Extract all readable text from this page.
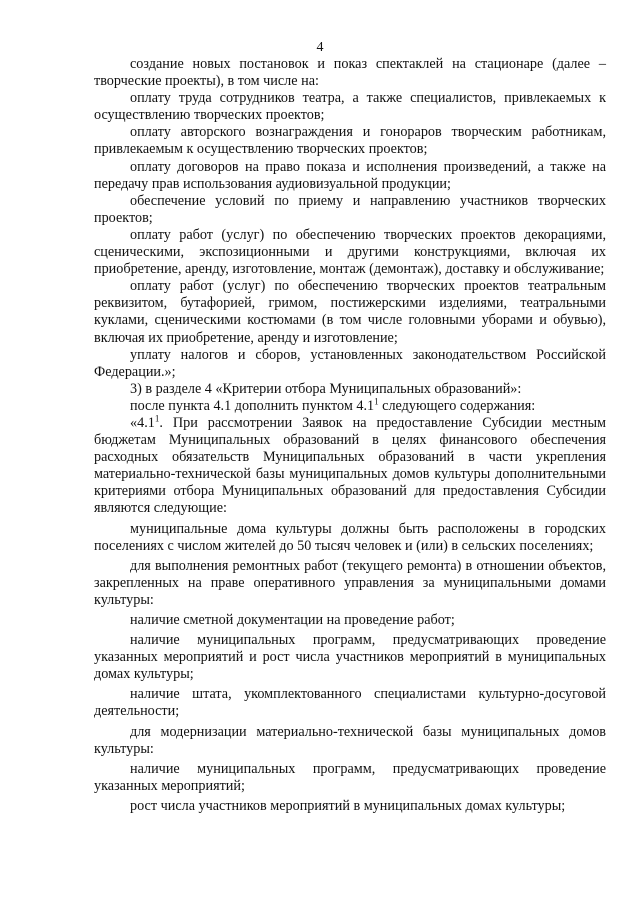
4

создание новых постановок и показ спектаклей на стационаре (далее – творческие проекты), в том числе на:

оплату труда сотрудников театра, а также специалистов, привлекаемых к осуществлению творческих проектов;

оплату авторского вознаграждения и гонораров творческим работникам, привлекаемым к осуществлению творческих проектов;

оплату договоров на право показа и исполнения произведений, а также на передачу прав использования аудиовизуальной продукции;

обеспечение условий по приему и направлению участников творческих проектов;

оплату работ (услуг) по обеспечению творческих проектов декорациями, сценическими, экспозиционными и другими конструкциями, включая их приобретение, аренду, изготовление, монтаж (демонтаж), доставку и обслуживание;

оплату работ (услуг) по обеспечению творческих проектов театральным реквизитом, бутафорией, гримом, постижерскими изделиями, театральными куклами, сценическими костюмами (в том числе головными уборами и обувью), включая их приобретение, аренду и изготовление;

уплату налогов и сборов, установленных законодательством Российской Федерации.»;

3) в разделе 4 «Критерии отбора Муниципальных образований»:

после пункта 4.1 дополнить пунктом $4.1^1$ следующего содержания:

«$4.1^1$. При рассмотрении Заявок на предоставление Субсидии местным бюджетам Муниципальных образований в целях финансового обеспечения расходных обязательств Муниципальных образований в части укрепления материально-технической базы муниципальных домов культуры дополнительными критериями отбора Муниципальных образований для предоставления Субсидии являются следующие:

муниципальные дома культуры должны быть расположены в городских поселениях с числом жителей до 50 тысяч человек и (или) в сельских поселениях;

для выполнения ремонтных работ (текущего ремонта) в отношении объектов, закрепленных на праве оперативного управления за муниципальными домами культуры:

наличие сметной документации на проведение работ;

наличие муниципальных программ, предусматривающих проведение указанных мероприятий и рост числа участников мероприятий в муниципальных домах культуры;

наличие штата, укомплектованного специалистами культурно-досуговой деятельности;

для модернизации материально-технической базы муниципальных домов культуры:

наличие муниципальных программ, предусматривающих проведение указанных мероприятий;

рост числа участников мероприятий в муниципальных домах культуры;
